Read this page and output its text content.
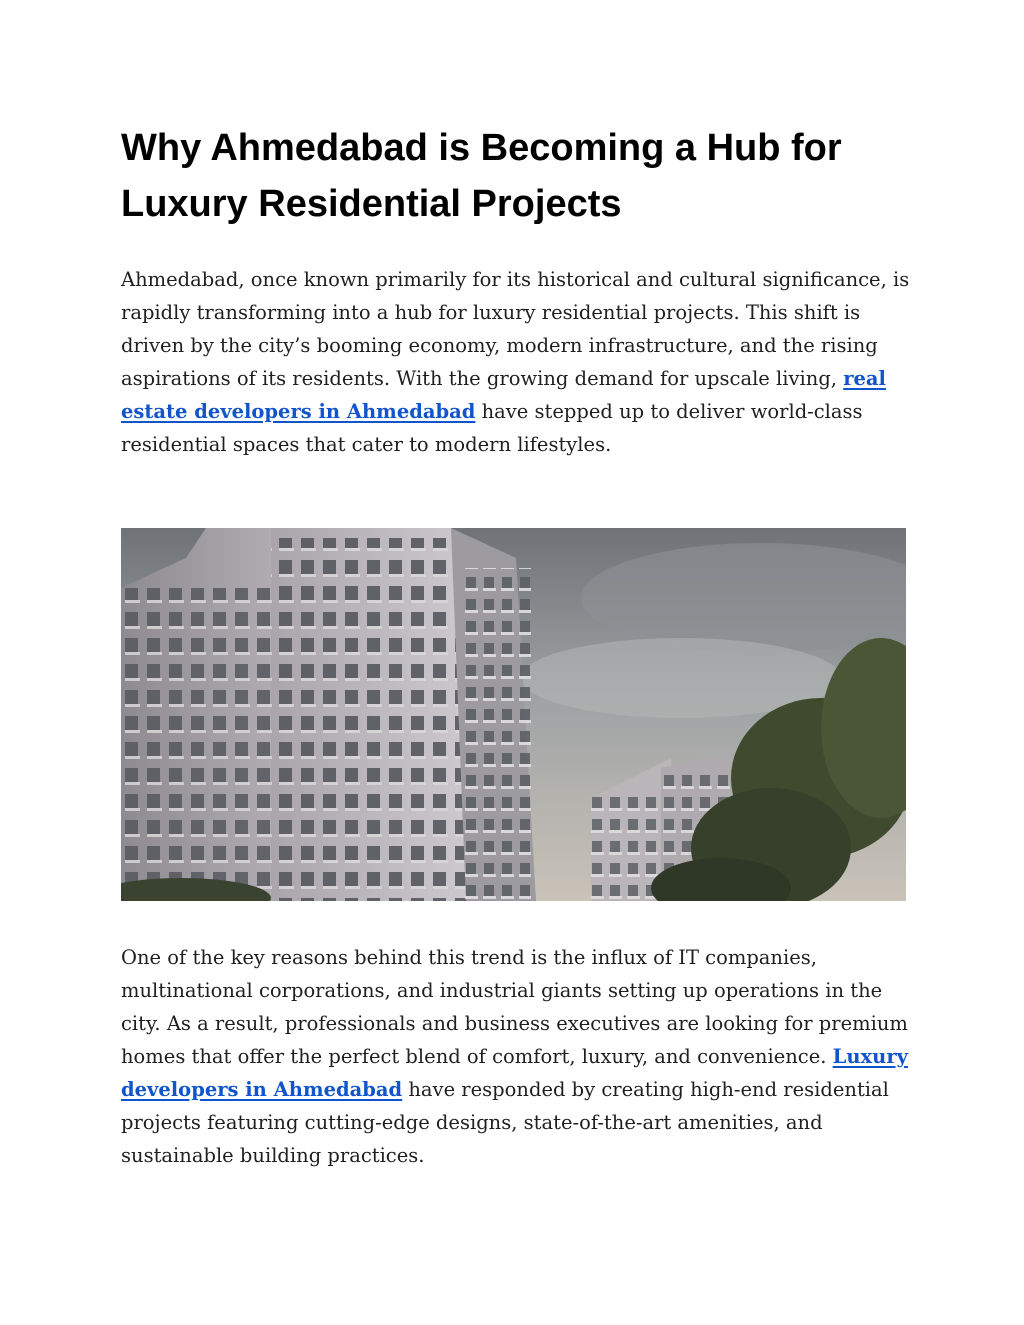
Why Ahmedabad is Becoming a Hub for Luxury Residential Projects

Ahmedabad, once known primarily for its historical and cultural significance, is rapidly transforming into a hub for luxury residential projects. This shift is driven by the city’s booming economy, modern infrastructure, and the rising aspirations of its residents. With the growing demand for upscale living, real estate developers in Ahmedabad have stepped up to deliver world-class residential spaces that cater to modern lifestyles.

One of the key reasons behind this trend is the influx of IT companies, multinational corporations, and industrial giants setting up operations in the city. As a result, professionals and business executives are looking for premium homes that offer the perfect blend of comfort, luxury, and convenience. Luxury developers in Ahmedabad have responded by creating high-end residential projects featuring cutting-edge designs, state-of-the-art amenities, and sustainable building practices.
